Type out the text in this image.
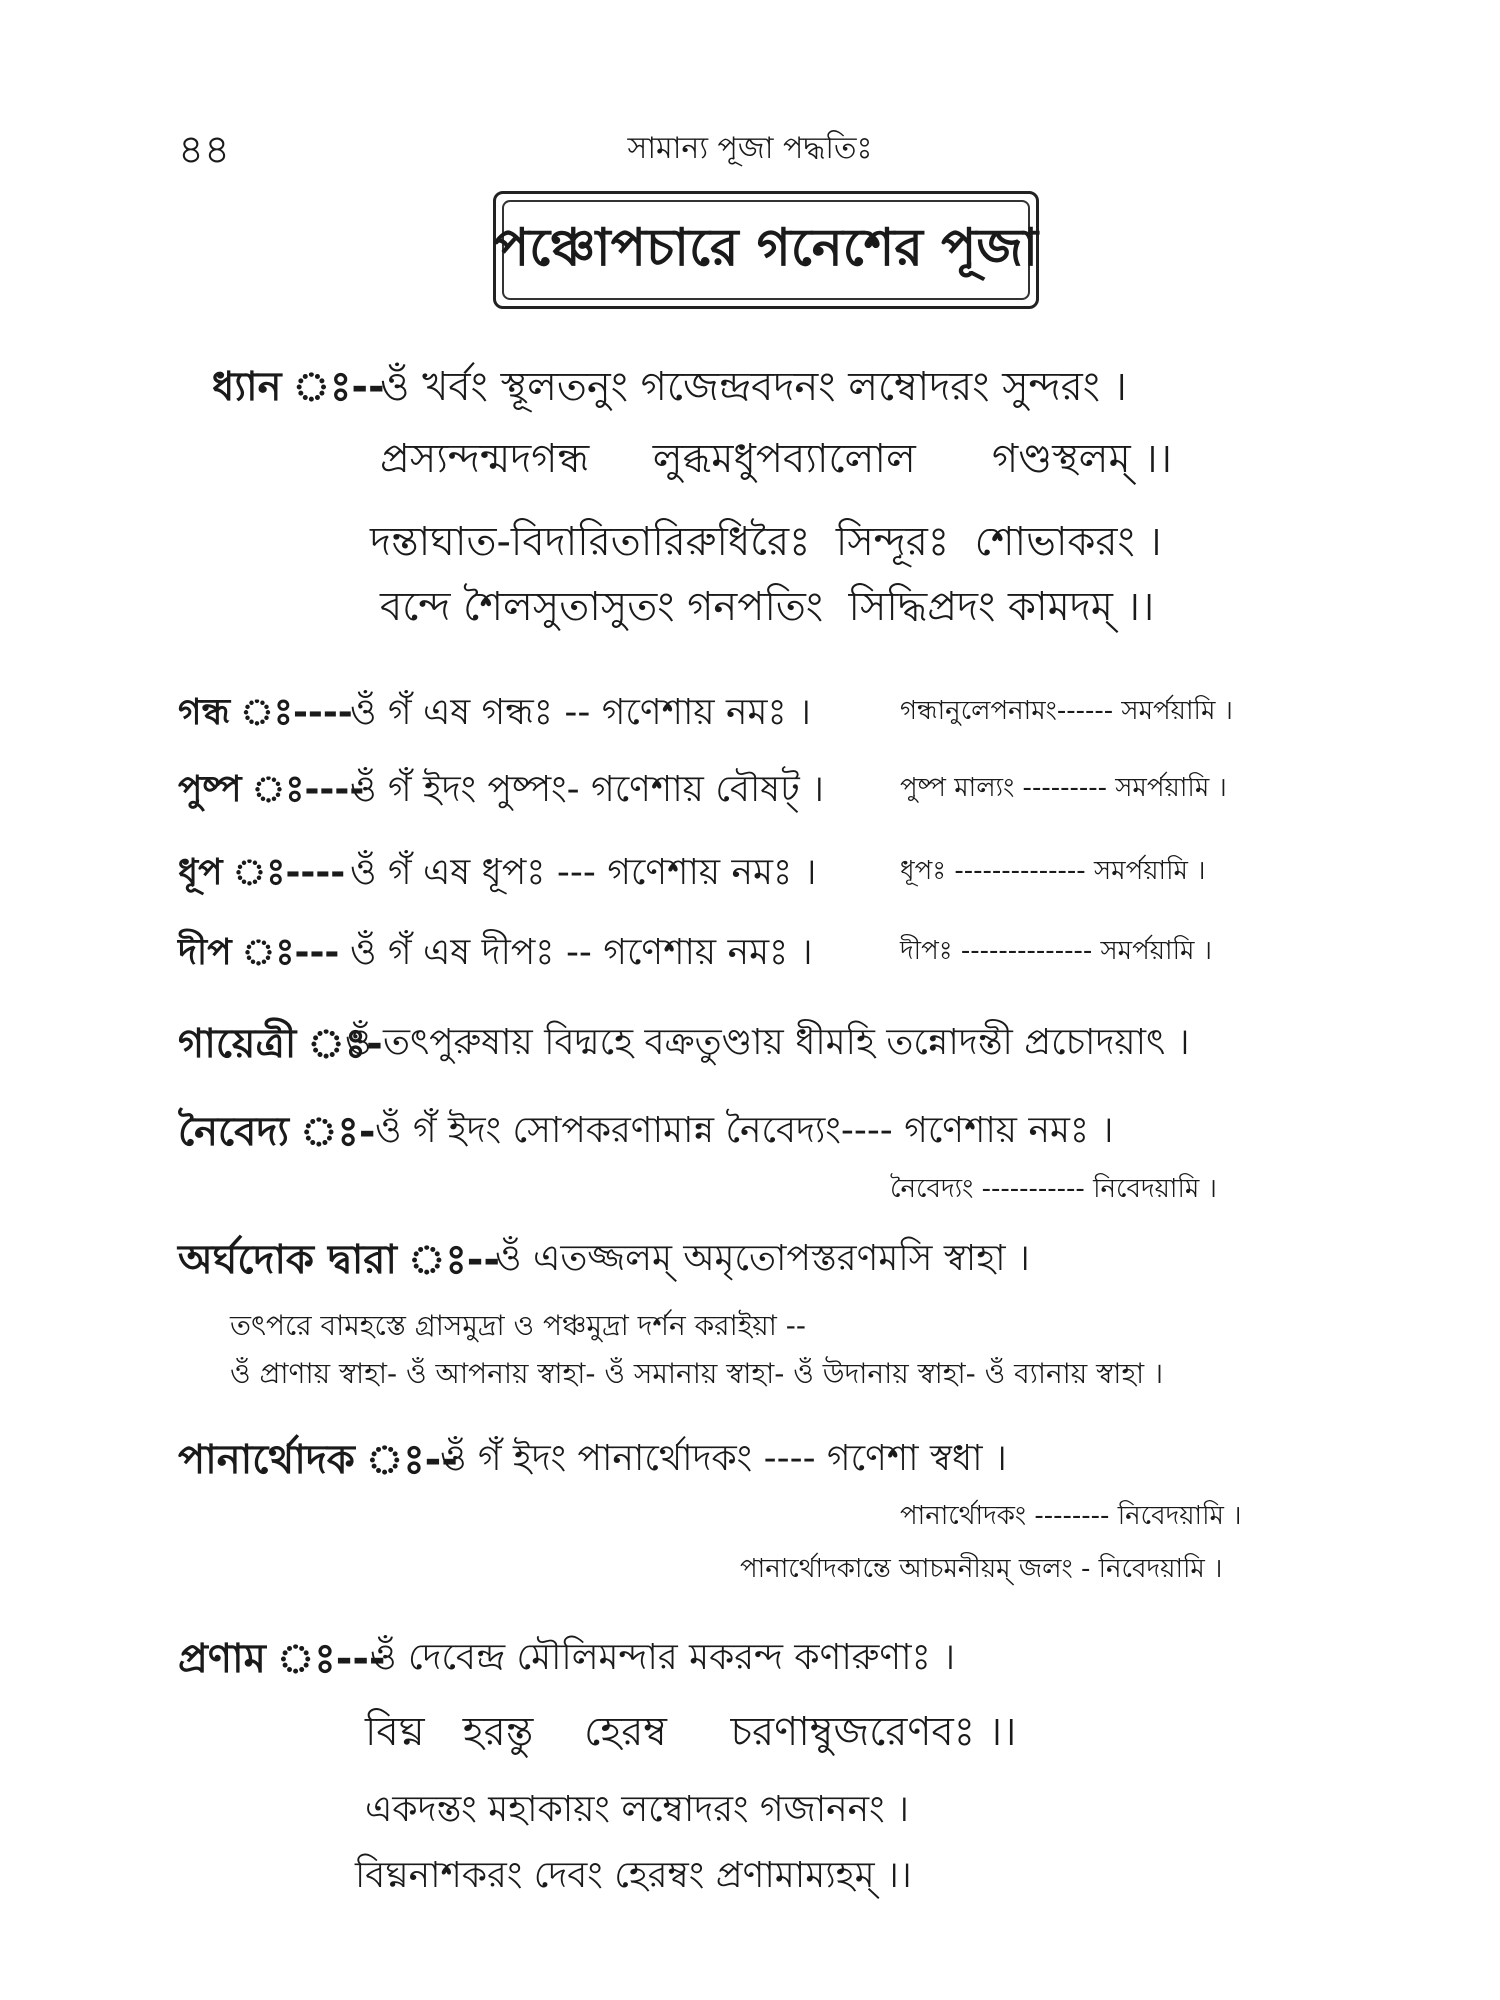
৪৪	সামান্য পূজা পদ্ধতিঃ
পঞ্চোপচারে গনেশের পূজা
ধ্যান ঃ--
ওঁ খর্বং স্থূলতনুং গজেন্দ্রবদনং লম্বোদরং সুন্দরং ।
প্রস্যন্দন্মদগন্ধ     লুব্ধমধুপব্যালোল      গণ্ডস্থলম্ ।।
দন্তাঘাত-বিদারিতারিরুধিরৈঃ  সিন্দূরঃ  শোভাকরং ।
বন্দে শৈলসুতাসুতং গনপতিং  সিদ্ধিপ্রদং কামদম্ ।।
গন্ধ ঃ----
ওঁ গঁ এষ গন্ধঃ -- গণেশায় নমঃ ।	গন্ধানুলেপনামং------ সমর্পয়ামি ।
পুষ্প ঃ----
ওঁ গঁ ইদং পুষ্পং- গণেশায় বৌষট্ ।	পুষ্প মাল্যং --------- সমর্পয়ামি ।
ধূপ ঃ---- ওঁ গঁ এষ ধূপঃ --- গণেশায় নমঃ ।	ধূপঃ -------------- সমর্পয়ামি ।
দীপ ঃ--- ওঁ গঁ এষ দীপঃ -- গণেশায় নমঃ ।	দীপঃ -------------- সমর্পয়ামি ।
গায়েত্রী ঃ-
ওঁ তৎপুরুষায় বিদ্মহে বক্রতুণ্ডায় ধীমহি তন্নোদন্তী প্রচোদয়াৎ ।
নৈবেদ্য ঃ- ওঁ গঁ ইদং সোপকরণামান্ন নৈবেদ্যং---- গণেশায় নমঃ ।
নৈবেদ্যং ----------- নিবেদয়ামি ।
অর্ঘদোক দ্বারা ঃ--
ওঁ এতজ্জলম্ অমৃতোপস্তরণমসি স্বাহা ।
তৎপরে বামহস্তে গ্রাসমুদ্রা ও পঞ্চমুদ্রা দর্শন করাইয়া --
ওঁ প্রাণায় স্বাহা- ওঁ আপনায় স্বাহা- ওঁ সমানায় স্বাহা- ওঁ উদানায় স্বাহা- ওঁ ব্যানায় স্বাহা ।
পানার্থোদক ঃ--
ওঁ গঁ ইদং পানার্থোদকং ---- গণেশা স্বধা ।
পানার্থোদকং -------- নিবেদয়ামি ।
পানার্থোদকান্তে আচমনীয়ম্ জলং - নিবেদয়ামি ।
প্রণাম ঃ---
ওঁ দেবেন্দ্র মৌলিমন্দার মকরন্দ কণারুণাঃ ।
বিঘ্ন   হরন্তু    হেরম্ব     চরণাম্বুজরেণবঃ ।।
একদন্তং মহাকায়ং লম্বোদরং গজাননং ।
বিঘ্ননাশকরং দেবং হেরম্বং প্রণামাম্যহম্ ।।
